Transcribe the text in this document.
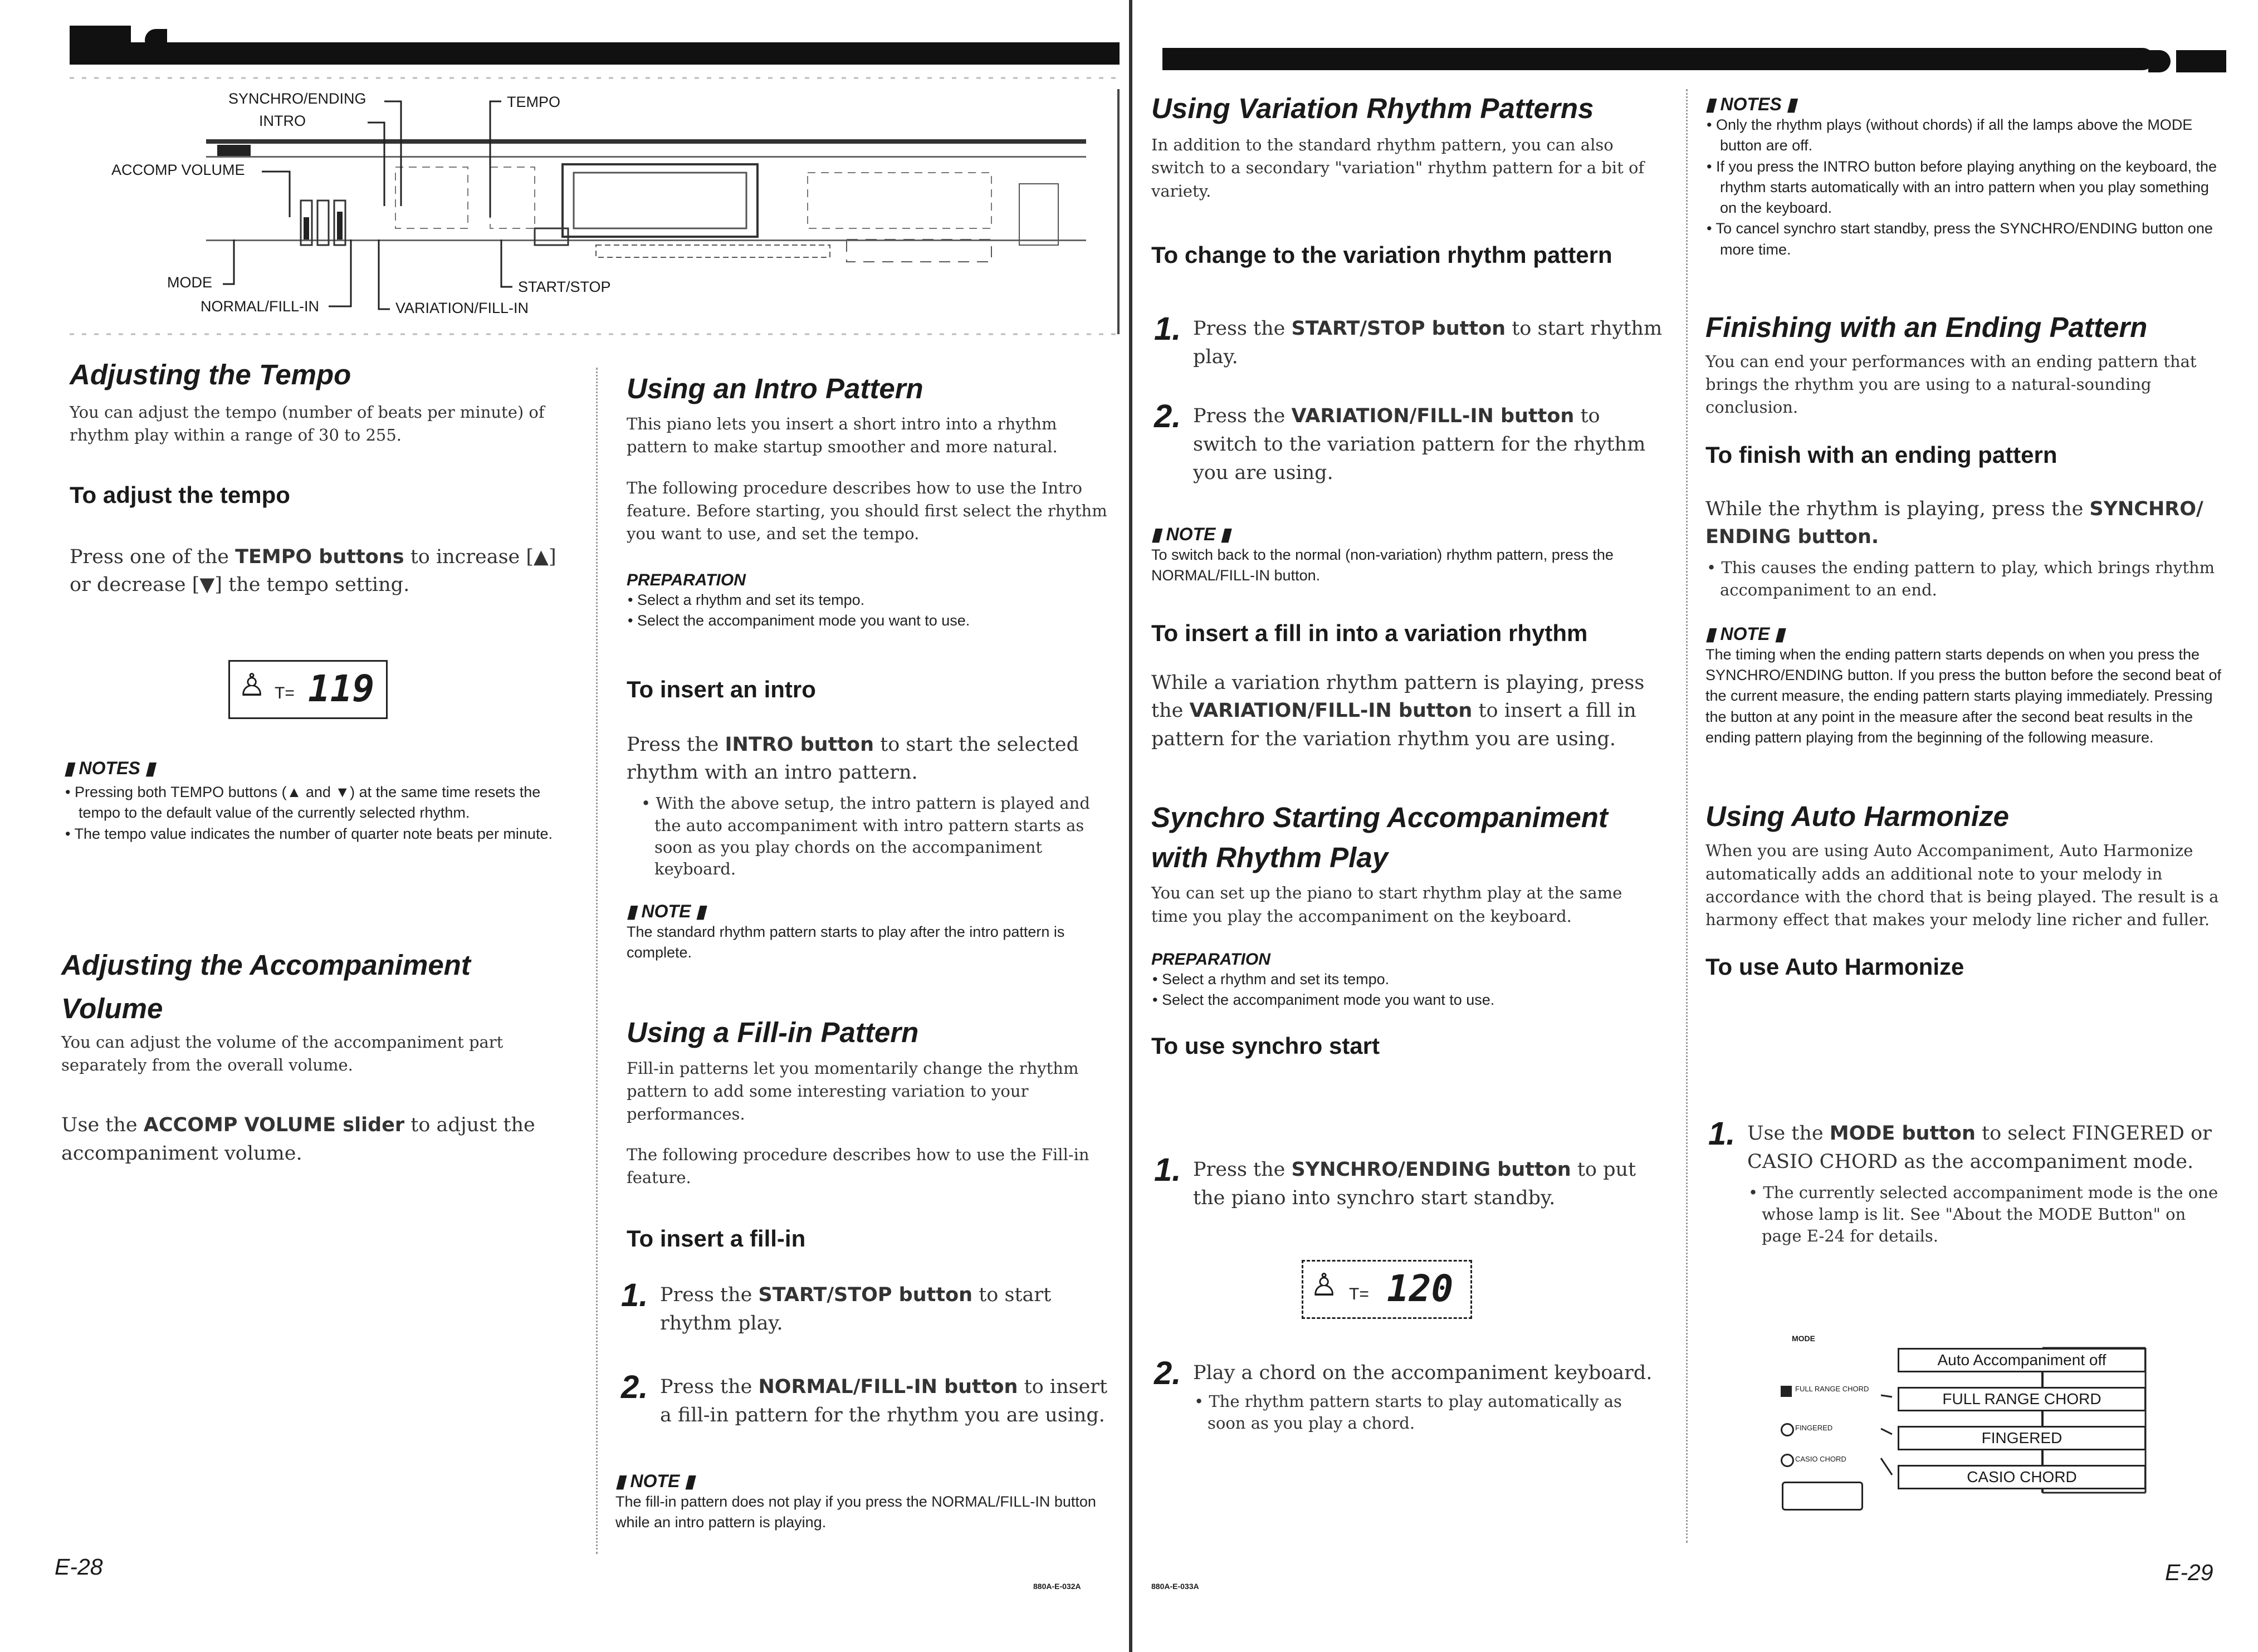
SYNCHRO/ENDING
INTRO
TEMPO
ACCOMP VOLUME
MODE
NORMAL/FILL-IN
START/STOP
VARIATION/FILL-IN
Adjusting the Tempo

You can adjust the tempo (number of beats per minute) of rhythm play within a range of 30 to 255.

To adjust the tempo

Press one of the TEMPO buttons to increase [▲] or decrease [▼] the tempo setting.

♙ T= 119

▮ NOTES ▮

• Pressing both TEMPO buttons (▲ and ▼) at the same time resets the tempo to the default value of the currently selected rhythm.

• The tempo value indicates the number of quarter note beats per minute.

Adjusting the Accompaniment
Volume

You can adjust the volume of the accompaniment part separately from the overall volume.

Use the ACCOMP VOLUME slider to adjust the accompaniment volume.

Using an Intro Pattern

This piano lets you insert a short intro into a rhythm pattern to make startup smoother and more natural.

The following procedure describes how to use the Intro feature. Before starting, you should first select the rhythm you want to use, and set the tempo.

PREPARATION

• Select a rhythm and set its tempo.

• Select the accompaniment mode you want to use.

To insert an intro

Press the INTRO button to start the selected rhythm with an intro pattern.

• With the above setup, the intro pattern is played and the auto accompaniment with intro pattern starts as soon as you play chords on the accompaniment keyboard.

▮ NOTE ▮

The standard rhythm pattern starts to play after the intro pattern is complete.

Using a Fill-in Pattern

Fill-in patterns let you momentarily change the rhythm pattern to add some interesting variation to your performances.

The following procedure describes how to use the Fill-in feature.

To insert a fill-in
1. Press the START/STOP button to start rhythm play.

2. Press the NORMAL/FILL-IN button to insert a fill-in pattern for the rhythm you are using.

▮ NOTE ▮

The fill-in pattern does not play if you press the NORMAL/FILL-IN button while an intro pattern is playing.

E-28
880A-E-032A
Using Variation Rhythm Patterns

In addition to the standard rhythm pattern, you can also switch to a secondary "variation" rhythm pattern for a bit of variety.

To change to the variation rhythm pattern
1. Press the START/STOP button to start rhythm play.

2. Press the VARIATION/FILL-IN button to switch to the variation pattern for the rhythm you are using.

▮ NOTE ▮

To switch back to the normal (non-variation) rhythm pattern, press the NORMAL/FILL-IN button.

To insert a fill in into a variation rhythm

While a variation rhythm pattern is playing, press the VARIATION/FILL-IN button to insert a fill in pattern for the variation rhythm you are using.

Synchro Starting Accompaniment
with Rhythm Play

You can set up the piano to start rhythm play at the same time you play the accompaniment on the keyboard.

PREPARATION

• Select a rhythm and set its tempo.

• Select the accompaniment mode you want to use.

To use synchro start
1. Press the SYNCHRO/ENDING button to put the piano into synchro start standby.

♙ T= 120
2. Play a chord on the accompaniment keyboard.

• The rhythm pattern starts to play automatically as soon as you play a chord.

▮ NOTES ▮

• Only the rhythm plays (without chords) if all the lamps above the MODE button are off.

• If you press the INTRO button before playing anything on the keyboard, the rhythm starts automatically with an intro pattern when you play something on the keyboard.

• To cancel synchro start standby, press the SYNCHRO/ENDING button one more time.

Finishing with an Ending Pattern

You can end your performances with an ending pattern that brings the rhythm you are using to a natural-sounding conclusion.

To finish with an ending pattern

While the rhythm is playing, press the SYNCHRO/ ENDING button.

• This causes the ending pattern to play, which brings rhythm accompaniment to an end.

▮ NOTE ▮

The timing when the ending pattern starts depends on when you press the SYNCHRO/ENDING button. If you press the button before the second beat of the current measure, the ending pattern starts playing immediately. Pressing the button at any point in the measure after the second beat results in the ending pattern playing from the beginning of the following measure.

Using Auto Harmonize

When you are using Auto Accompaniment, Auto Harmonize automatically adds an additional note to your melody in accordance with the chord that is being played. The result is a harmony effect that makes your melody line richer and fuller.

To use Auto Harmonize
1. Use the MODE button to select FINGERED or CASIO CHORD as the accompaniment mode.

• The currently selected accompaniment mode is the one whose lamp is lit. See "About the MODE Button" on page E-24 for details.

MODE
FULL RANGE CHORD
FINGERED
CASIO CHORD
Auto Accompaniment off
FULL RANGE CHORD
FINGERED
CASIO CHORD
880A-E-033A
E-29
